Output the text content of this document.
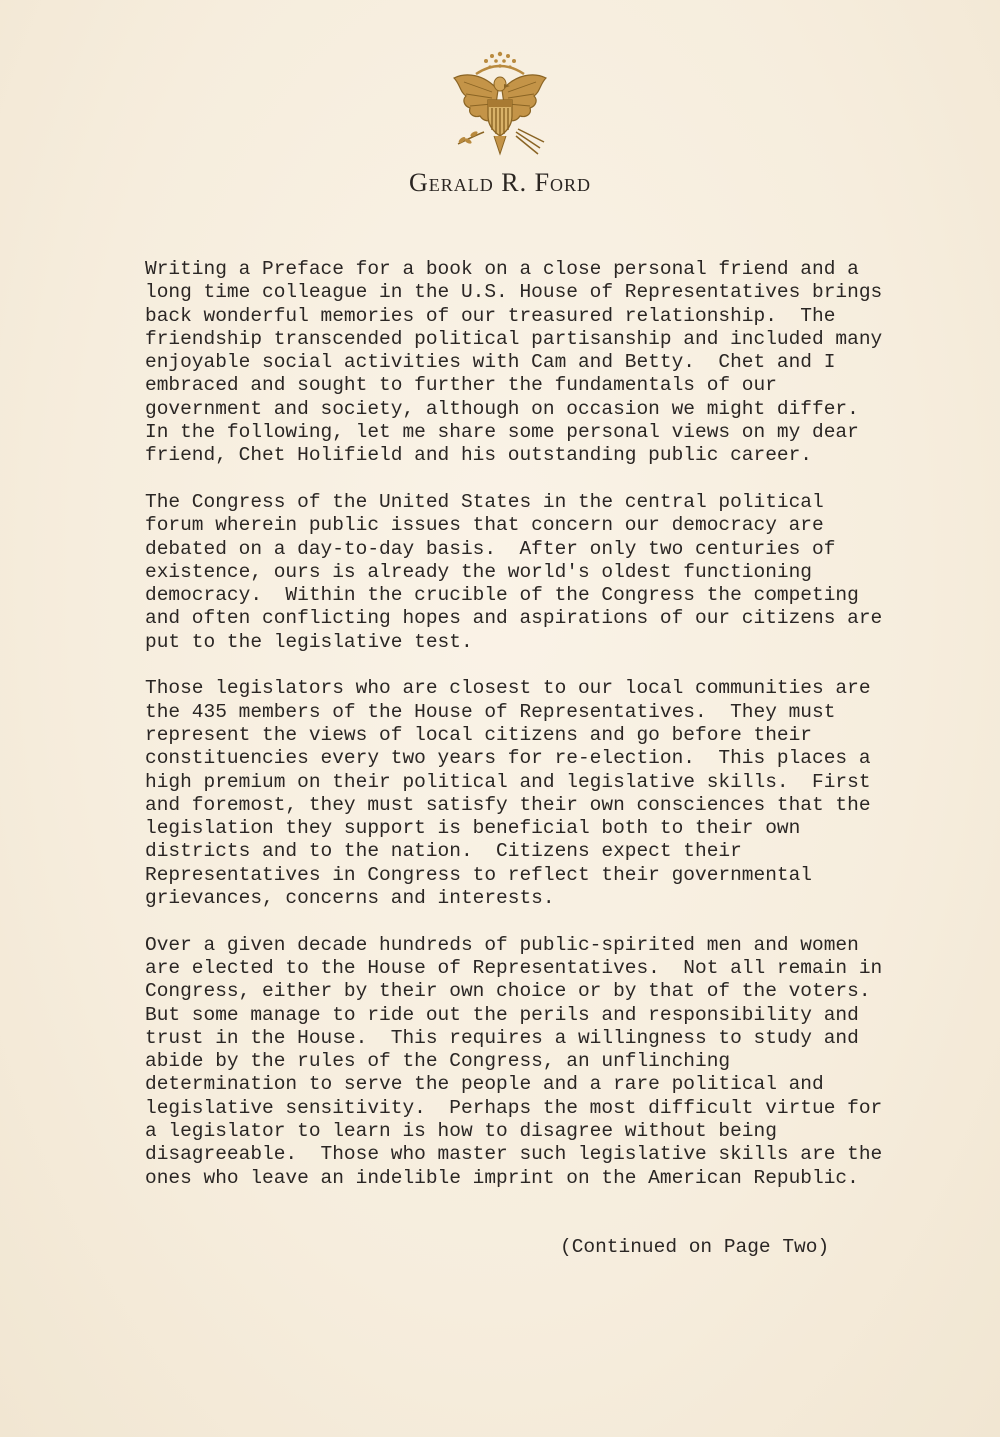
Gerald R. Ford

Writing a Preface for a book on a close personal friend and a
long time colleague in the U.S. House of Representatives brings
back wonderful memories of our treasured relationship.  The
friendship transcended political partisanship and included many
enjoyable social activities with Cam and Betty.  Chet and I
embraced and sought to further the fundamentals of our
government and society, although on occasion we might differ.
In the following, let me share some personal views on my dear
friend, Chet Holifield and his outstanding public career.

The Congress of the United States in the central political
forum wherein public issues that concern our democracy are
debated on a day-to-day basis.  After only two centuries of
existence, ours is already the world's oldest functioning
democracy.  Within the crucible of the Congress the competing
and often conflicting hopes and aspirations of our citizens are
put to the legislative test.

Those legislators who are closest to our local communities are
the 435 members of the House of Representatives.  They must
represent the views of local citizens and go before their
constituencies every two years for re-election.  This places a
high premium on their political and legislative skills.  First
and foremost, they must satisfy their own consciences that the
legislation they support is beneficial both to their own
districts and to the nation.  Citizens expect their
Representatives in Congress to reflect their governmental
grievances, concerns and interests.

Over a given decade hundreds of public-spirited men and women
are elected to the House of Representatives.  Not all remain in
Congress, either by their own choice or by that of the voters.
But some manage to ride out the perils and responsibility and
trust in the House.  This requires a willingness to study and
abide by the rules of the Congress, an unflinching
determination to serve the people and a rare political and
legislative sensitivity.  Perhaps the most difficult virtue for
a legislator to learn is how to disagree without being
disagreeable.  Those who master such legislative skills are the
ones who leave an indelible imprint on the American Republic.

(Continued on Page Two)
